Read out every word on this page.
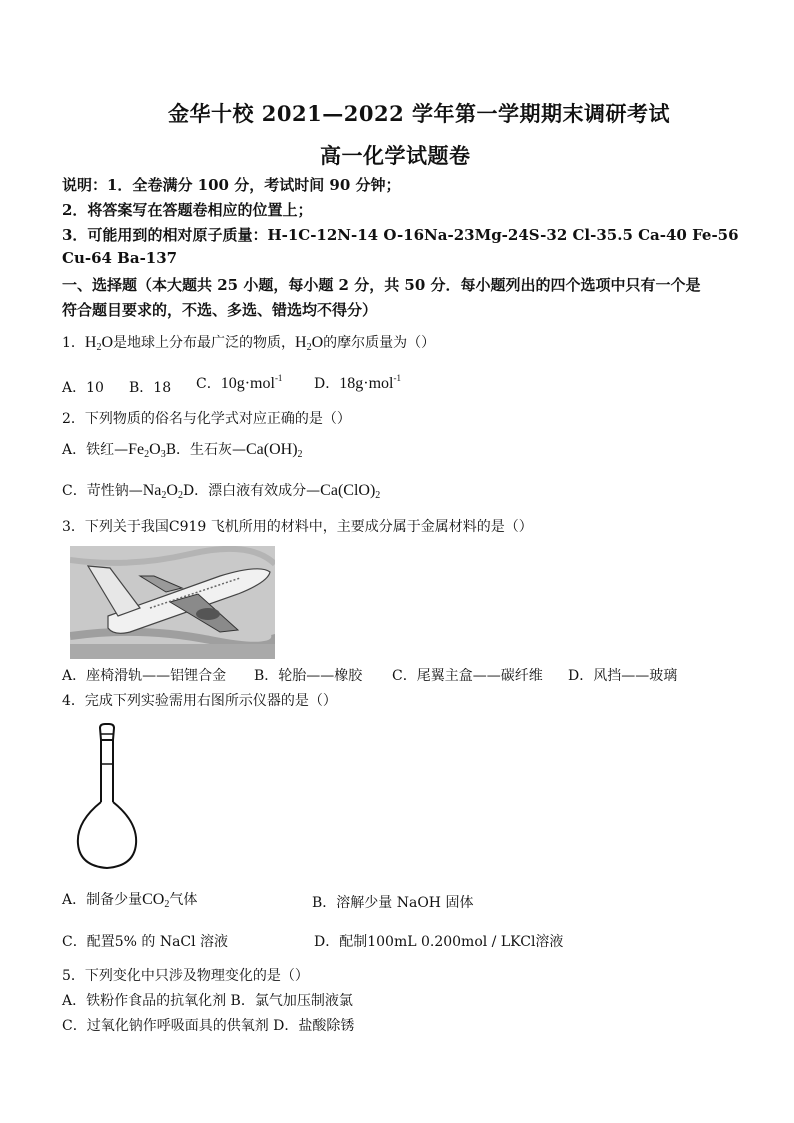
金华十校 2021—2022 学年第一学期期末调研考试
高一化学试题卷
说明：1．全卷满分 100 分，考试时间 90 分钟；
2．将答案写在答题卷相应的位置上；
3．可能用到的相对原子质量：H-1C-12N-14 O-16Na-23Mg-24S-32 Cl-35.5 Ca-40 Fe-56
Cu-64 Ba-137
一、选择题（本大题共 25 小题，每小题 2 分，共 50 分．每小题列出的四个选项中只有一个是
符合题目要求的，不选、多选、错选均不得分）
1．$H_2O$是地球上分布最广泛的物质，$H_2O$的摩尔质量为（）
A．10 B．18 C．10g·mol$^{-1}$ D．18g·mol$^{-1}$
2．下列物质的俗名与化学式对应正确的是（）
A．铁红$—Fe_2O_3B$．生石灰$—Ca(OH)_2$
C．苛性钠$—Na_2O_2D$．漂白液有效成分$—Ca(ClO)_2$
3．下列关于我国C919 飞机所用的材料中，主要成分属于金属材料的是（）
A．座椅滑轨——铝锂合金 B．轮胎——橡胶 C．尾翼主盒——碳纤维 D．风挡——玻璃
4．完成下列实验需用右图所示仪器的是（）
A．制备少量$CO_2$气体	B．溶解少量 NaOH 固体
C．配置5% 的 NaCl 溶液	D．配制100mL 0.200mol / LKCl溶液
5．下列变化中只涉及物理变化的是（）
A．铁粉作食品的抗氧化剂 B．氯气加压制液氯
C．过氧化钠作呼吸面具的供氧剂 D．盐酸除锈
